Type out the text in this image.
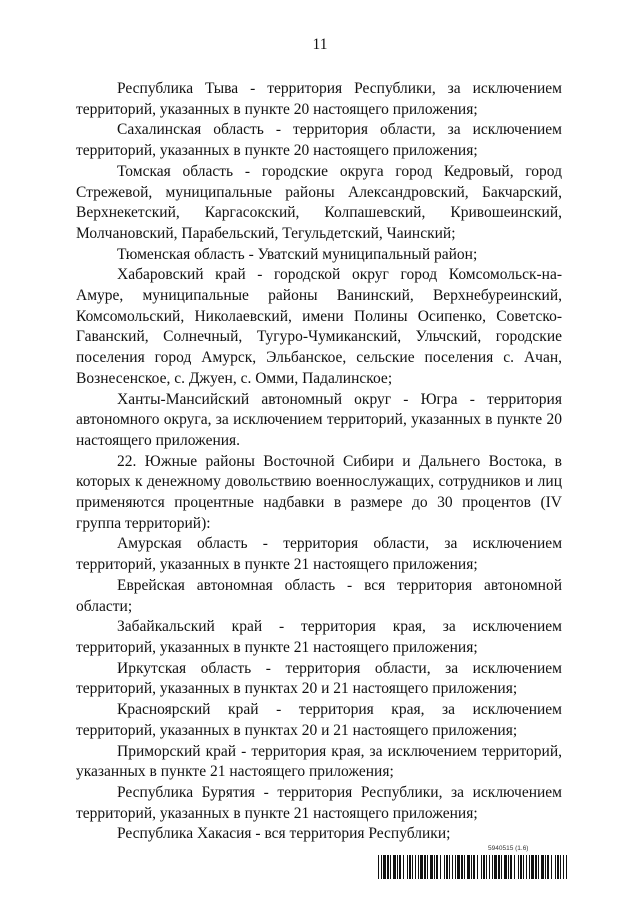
11

Республика Тыва - территория Республики, за исключением территорий, указанных в пункте 20 настоящего приложения;

Сахалинская область - территория области, за исключением территорий, указанных в пункте 20 настоящего приложения;

Томская область - городские округа город Кедровый, город Стрежевой, муниципальные районы Александровский, Бакчарский, Верхнекетский, Каргасокский, Колпашевский, Кривошеинский, Молчановский, Парабельский, Тегульдетский, Чаинский;

Тюменская область - Уватский муниципальный район;

Хабаровский край - городской округ город Комсомольск-на-Амуре, муниципальные районы Ванинский, Верхнебуреинский, Комсомольский, Николаевский, имени Полины Осипенко, Советско-Гаванский, Солнечный, Тугуро-Чумиканский, Ульчский, городские поселения город Амурск, Эльбанское, сельские поселения с. Ачан, Вознесенское, с. Джуен, с. Омми, Падалинское;

Ханты-Мансийский автономный округ - Югра - территория автономного округа, за исключением территорий, указанных в пункте 20 настоящего приложения.

22. Южные районы Восточной Сибири и Дальнего Востока, в которых к денежному довольствию военнослужащих, сотрудников и лиц применяются процентные надбавки в размере до 30 процентов (IV группа территорий):

Амурская область - территория области, за исключением территорий, указанных в пункте 21 настоящего приложения;

Еврейская автономная область - вся территория автономной области;

Забайкальский край - территория края, за исключением территорий, указанных в пункте 21 настоящего приложения;

Иркутская область - территория области, за исключением территорий, указанных в пунктах 20 и 21 настоящего приложения;

Красноярский край - территория края, за исключением территорий, указанных в пунктах 20 и 21 настоящего приложения;

Приморский край - территория края, за исключением территорий, указанных в пункте 21 настоящего приложения;

Республика Бурятия - территория Республики, за исключением территорий, указанных в пункте 21 настоящего приложения;

Республика Хакасия - вся территория Республики;

5940515 (1.6)
